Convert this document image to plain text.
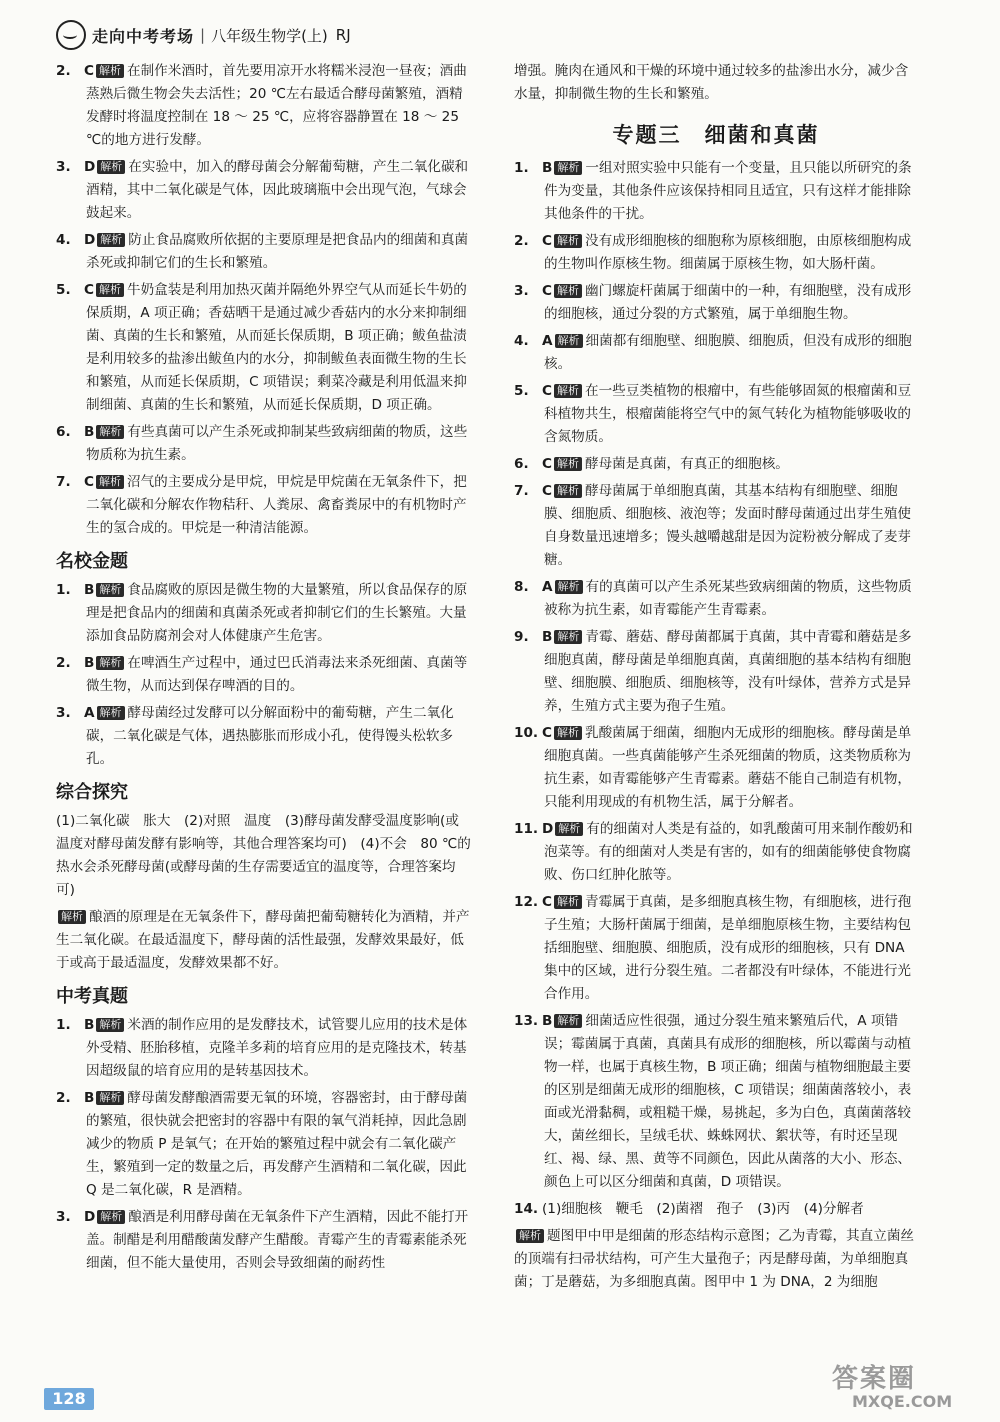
走向中考考场 | 八年级生物学(上) RJ
2. C 解析 在制作米酒时，首先要用凉开水将糯米浸泡一昼夜；酒曲蒸熟后微生物会失去活性；20 ℃左右最适合酵母菌繁殖，酒精发酵时将温度控制在 18 ～ 25 ℃，应将容器静置在 18 ～ 25 ℃的地方进行发酵。
3. D 解析 在实验中，加入的酵母菌会分解葡萄糖，产生二氧化碳和酒精，其中二氧化碳是气体，因此玻璃瓶中会出现气泡，气球会鼓起来。
4. D 解析 防止食品腐败所依据的主要原理是把食品内的细菌和真菌杀死或抑制它们的生长和繁殖。
5. C 解析 牛奶盒装是利用加热灭菌并隔绝外界空气从而延长牛奶的保质期，A 项正确；香菇晒干是通过减少香菇内的水分来抑制细菌、真菌的生长和繁殖，从而延长保质期，B 项正确；鲅鱼盐渍是利用较多的盐渗出鲅鱼内的水分，抑制鲅鱼表面微生物的生长和繁殖，从而延长保质期，C 项错误；剩菜冷藏是利用低温来抑制细菌、真菌的生长和繁殖，从而延长保质期，D 项正确。
6. B 解析 有些真菌可以产生杀死或抑制某些致病细菌的物质，这些物质称为抗生素。
7. C 解析 沼气的主要成分是甲烷，甲烷是甲烷菌在无氧条件下，把二氧化碳和分解农作物秸秆、人粪尿、禽畜粪尿中的有机物时产生的氢合成的。甲烷是一种清洁能源。
名校金题
1. B 解析 食品腐败的原因是微生物的大量繁殖，所以食品保存的原理是把食品内的细菌和真菌杀死或者抑制它们的生长繁殖。大量添加食品防腐剂会对人体健康产生危害。
2. B 解析 在啤酒生产过程中，通过巴氏消毒法来杀死细菌、真菌等微生物，从而达到保存啤酒的目的。
3. A 解析 酵母菌经过发酵可以分解面粉中的葡萄糖，产生二氧化碳，二氧化碳是气体，遇热膨胀而形成小孔，使得馒头松软多孔。
综合探究
(1)二氧化碳　胀大　(2)对照　温度　(3)酵母菌发酵受温度影响(或温度对酵母菌发酵有影响等，其他合理答案均可)　(4)不会　80 ℃的热水会杀死酵母菌(或酵母菌的生存需要适宜的温度等，合理答案均可)
解析 酿酒的原理是在无氧条件下，酵母菌把葡萄糖转化为酒精，并产生二氧化碳。在最适温度下，酵母菌的活性最强，发酵效果最好，低于或高于最适温度，发酵效果都不好。
中考真题
1. B 解析 米酒的制作应用的是发酵技术，试管婴儿应用的技术是体外受精、胚胎移植，克隆羊多莉的培育应用的是克隆技术，转基因超级鼠的培育应用的是转基因技术。
2. B 解析 酵母菌发酵酿酒需要无氧的环境，容器密封，由于酵母菌的繁殖，很快就会把密封的容器中有限的氧气消耗掉，因此急剧减少的物质 P 是氧气；在开始的繁殖过程中就会有二氧化碳产生，繁殖到一定的数量之后，再发酵产生酒精和二氧化碳，因此 Q 是二氧化碳，R 是酒精。
3. D 解析 酿酒是利用酵母菌在无氧条件下产生酒精，因此不能打开盖。制醋是利用醋酸菌发酵产生醋酸。青霉产生的青霉素能杀死细菌，但不能大量使用，否则会导致细菌的耐药性
增强。腌肉在通风和干燥的环境中通过较多的盐渗出水分，减少含水量，抑制微生物的生长和繁殖。
专题三　细菌和真菌
1. B 解析 一组对照实验中只能有一个变量，且只能以所研究的条件为变量，其他条件应该保持相同且适宜，只有这样才能排除其他条件的干扰。
2. C 解析 没有成形细胞核的细胞称为原核细胞，由原核细胞构成的生物叫作原核生物。细菌属于原核生物，如大肠杆菌。
3. C 解析 幽门螺旋杆菌属于细菌中的一种，有细胞壁，没有成形的细胞核，通过分裂的方式繁殖，属于单细胞生物。
4. A 解析 细菌都有细胞壁、细胞膜、细胞质，但没有成形的细胞核。
5. C 解析 在一些豆类植物的根瘤中，有些能够固氮的根瘤菌和豆科植物共生，根瘤菌能将空气中的氮气转化为植物能够吸收的含氮物质。
6. C 解析 酵母菌是真菌，有真正的细胞核。
7. C 解析 酵母菌属于单细胞真菌，其基本结构有细胞壁、细胞膜、细胞质、细胞核、液泡等；发面时酵母菌通过出芽生殖使自身数量迅速增多；馒头越嚼越甜是因为淀粉被分解成了麦芽糖。
8. A 解析 有的真菌可以产生杀死某些致病细菌的物质，这些物质被称为抗生素，如青霉能产生青霉素。
9. B 解析 青霉、蘑菇、酵母菌都属于真菌，其中青霉和蘑菇是多细胞真菌，酵母菌是单细胞真菌，真菌细胞的基本结构有细胞壁、细胞膜、细胞质、细胞核等，没有叶绿体，营养方式是异养，生殖方式主要为孢子生殖。
10. C 解析 乳酸菌属于细菌，细胞内无成形的细胞核。酵母菌是单细胞真菌。一些真菌能够产生杀死细菌的物质，这类物质称为抗生素，如青霉能够产生青霉素。蘑菇不能自己制造有机物，只能利用现成的有机物生活，属于分解者。
11. D 解析 有的细菌对人类是有益的，如乳酸菌可用来制作酸奶和泡菜等。有的细菌对人类是有害的，如有的细菌能够使食物腐败、伤口红肿化脓等。
12. C 解析 青霉属于真菌，是多细胞真核生物，有细胞核，进行孢子生殖；大肠杆菌属于细菌，是单细胞原核生物，主要结构包括细胞壁、细胞膜、细胞质，没有成形的细胞核，只有 DNA 集中的区域，进行分裂生殖。二者都没有叶绿体，不能进行光合作用。
13. B 解析 细菌适应性很强，通过分裂生殖来繁殖后代，A 项错误；霉菌属于真菌，真菌具有成形的细胞核，所以霉菌与动植物一样，也属于真核生物，B 项正确；细菌与植物细胞最主要的区别是细菌无成形的细胞核，C 项错误；细菌菌落较小，表面或光滑黏稠，或粗糙干燥，易挑起，多为白色，真菌菌落较大，菌丝细长，呈绒毛状、蛛蛛网状、絮状等，有时还呈现红、褐、绿、黑、黄等不同颜色，因此从菌落的大小、形态、颜色上可以区分细菌和真菌，D 项错误。
14. (1)细胞核　鞭毛　(2)菌褶　孢子　(3)丙　(4)分解者
解析 题图甲中甲是细菌的形态结构示意图；乙为青霉，其直立菌丝的顶端有扫帚状结构，可产生大量孢子；丙是酵母菌，为单细胞真菌；丁是蘑菇，为多细胞真菌。图甲中 1 为 DNA，2 为细胞
128
答案圈
MXQE.COM
